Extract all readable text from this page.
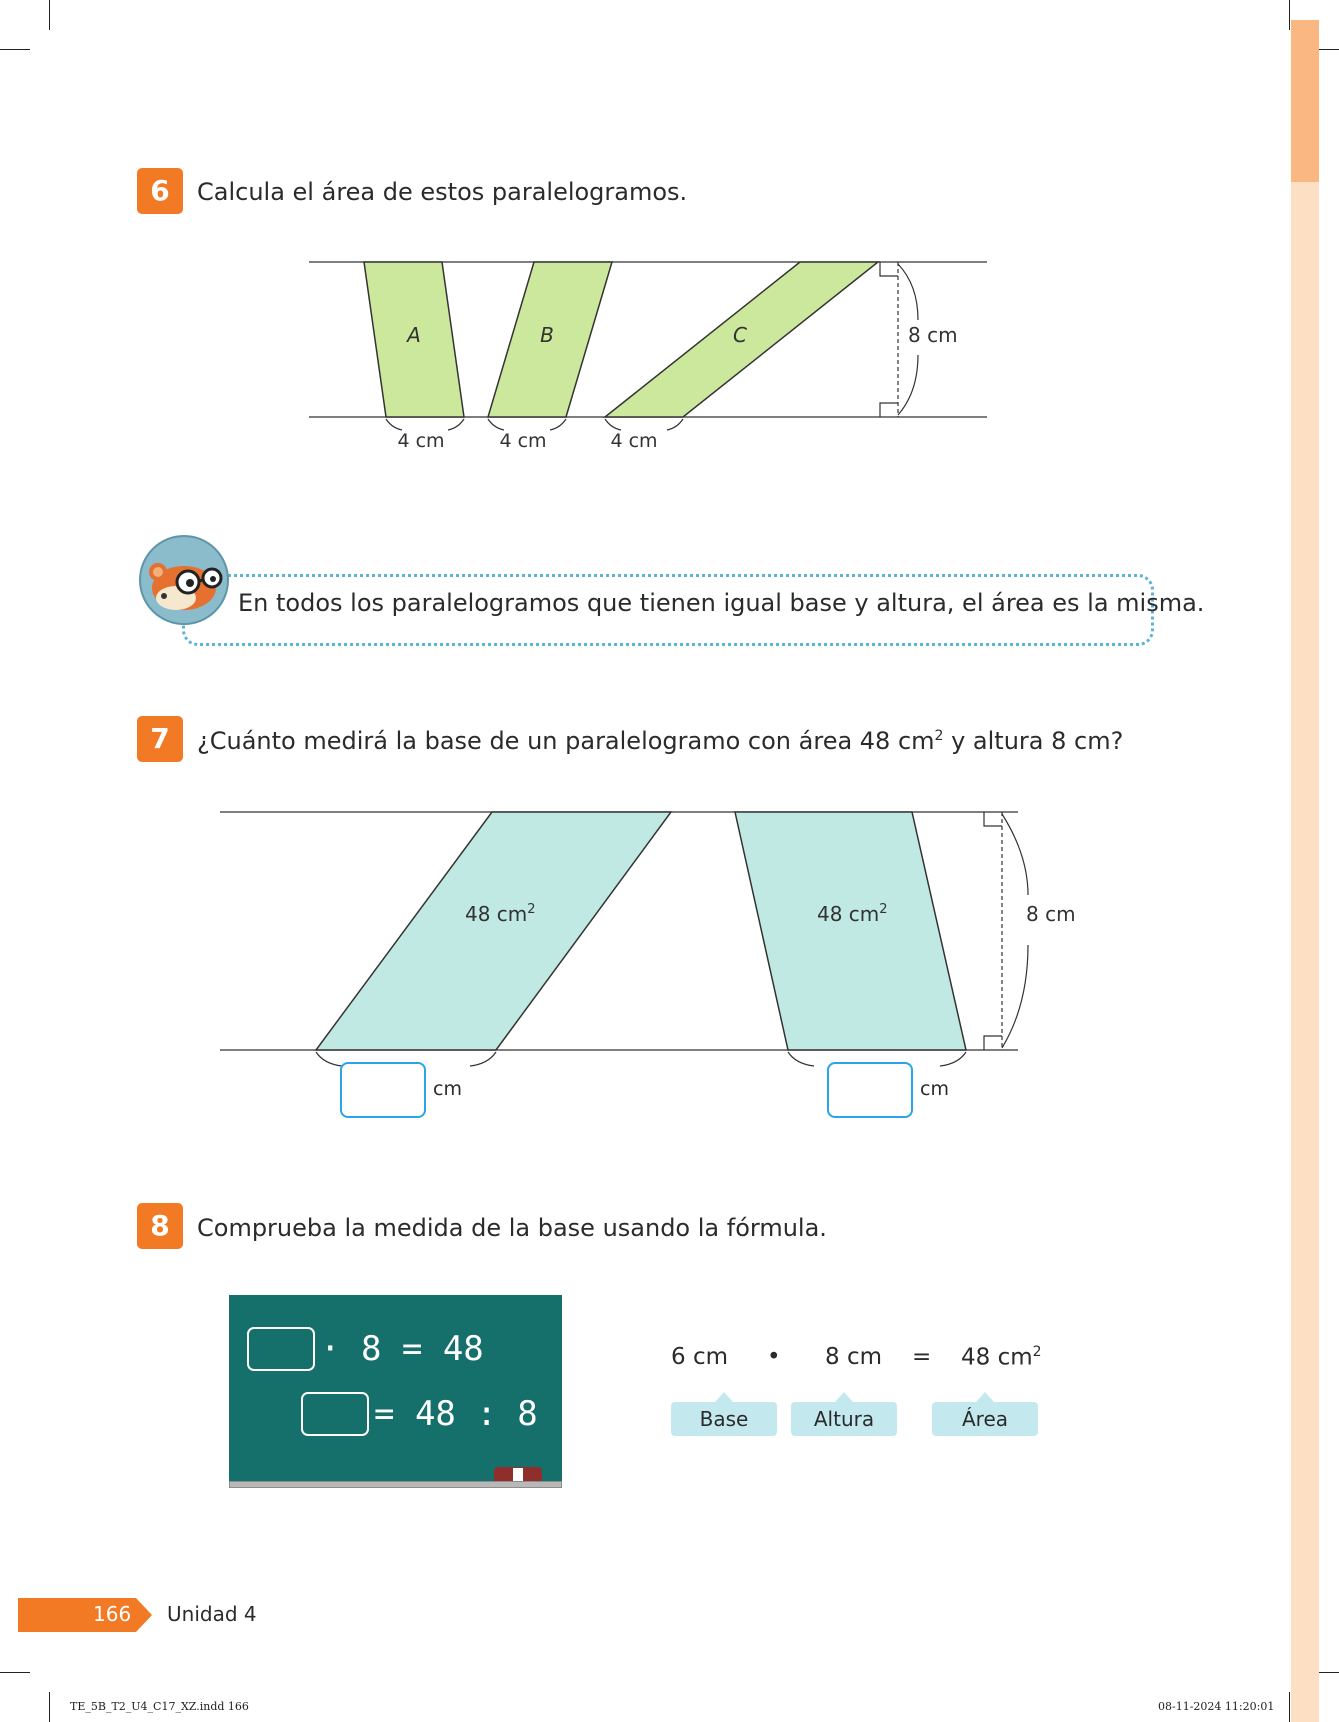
6	Calcula el área de estos paralelogramos.
A	B	C
4 cm	4 cm	4 cm
8 cm
En todos los paralelogramos que tienen igual base y altura, el área es la misma.
7	¿Cuánto medirá la base de un paralelogramo con área 48 $cm^2$ y altura 8 cm?
48 $cm^2$	48 $cm^2$	8 cm
cm	cm
8	Comprueba la medida de la base usando la fórmula.
· 8 = 48
= 48 : 8
6 cm • 8 cm = 48 $cm^2$
Base	Altura	Área
166 Unidad 4
TE_5B_T2_U4_C17_XZ.indd 166	08-11-2024 11:20:01
